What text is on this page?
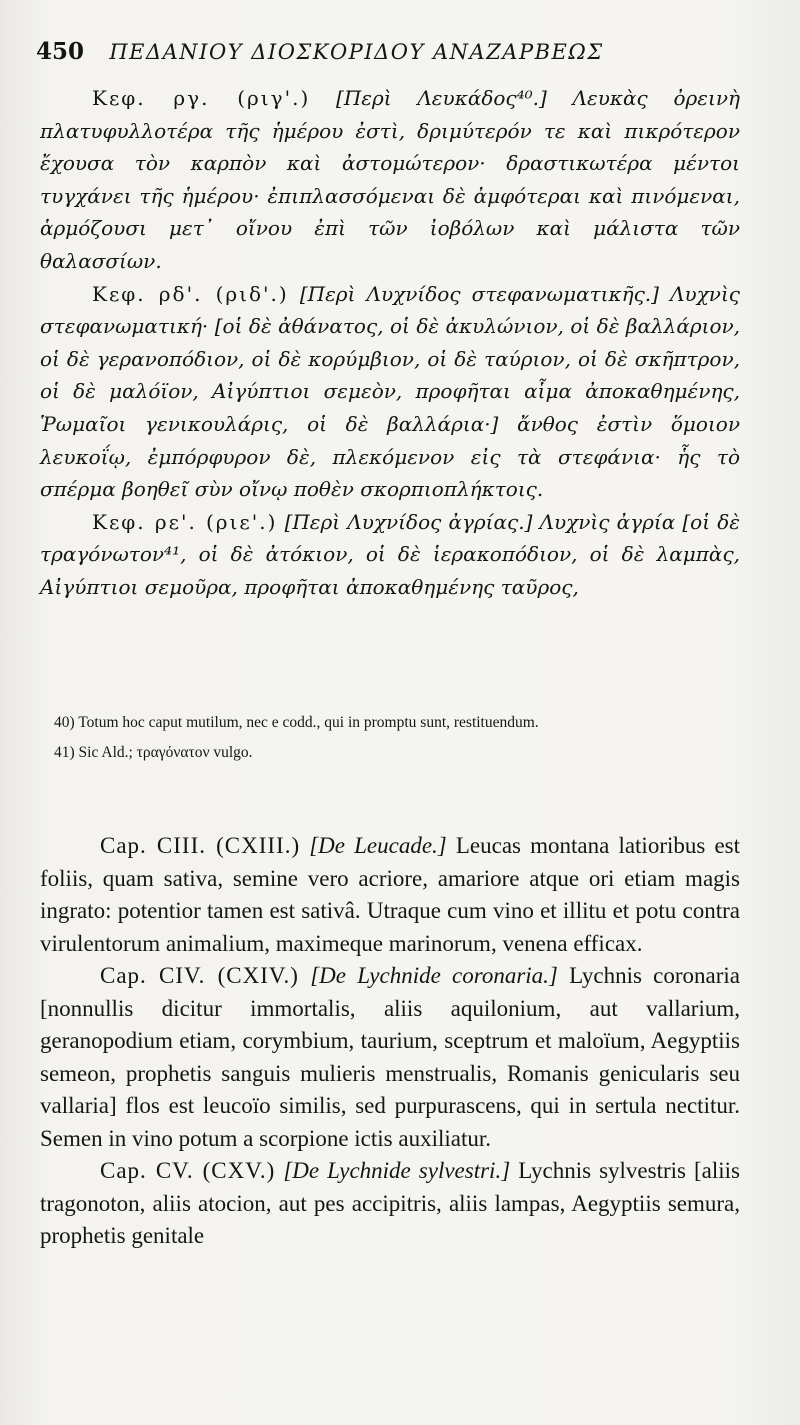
450 ΠΕΔΑΝΙΟΥ ΔΙΟΣΚΟΡΙΔΟΥ ΑΝΑΖΑΡΒΕΩΣ

Κεφ. ργ. (ριγ'.) [Περὶ Λευκάδος⁴⁰.] Λευκὰς ὀρεινὴ πλατυφυλλοτέρα τῆς ἡμέρου ἐστὶ, δριμύτερόν τε καὶ πικρότερον ἔχουσα τὸν καρπὸν καὶ ἀστομώτερον· δραστικωτέρα μέντοι τυγχάνει τῆς ἡμέρου· ἐπιπλασσόμεναι δὲ ἀμφότεραι καὶ πινόμεναι, ἁρμόζουσι μετ᾽ οἴνου ἐπὶ τῶν ἰοβόλων καὶ μάλιστα τῶν θαλασσίων.

Κεφ. ρδ'. (ριδ'.) [Περὶ Λυχνίδος στεφανωματικῆς.] Λυχνὶς στεφανωματική· [οἱ δὲ ἀθάνατος, οἱ δὲ ἀκυλώνιον, οἱ δὲ βαλλάριον, οἱ δὲ γερανοπόδιον, οἱ δὲ κορύμβιον, οἱ δὲ ταύριον, οἱ δὲ σκῆπτρον, οἱ δὲ μαλόϊον, Αἰγύπτιοι σεμεὸν, προφῆται αἷμα ἀποκαθημένης, Ῥωμαῖοι γενικουλάρις, οἱ δὲ βαλλάρια·] ἄνθος ἐστὶν ὅμοιον λευκοΐῳ, ἐμπόρφυρον δὲ, πλεκόμενον εἰς τὰ στεφάνια· ἧς τὸ σπέρμα βοηθεῖ σὺν οἴνῳ ποθὲν σκορπιοπλήκτοις.

Κεφ. ρε'. (ριε'.) [Περὶ Λυχνίδος ἀγρίας.] Λυχνὶς ἀγρία [οἱ δὲ τραγόνωτον⁴¹, οἱ δὲ ἀτόκιον, οἱ δὲ ἱερακοπόδιον, οἱ δὲ λαμπὰς, Αἰγύπτιοι σεμοῦρα, προφῆται ἀποκαθημένης ταῦρος,

40) Totum hoc caput mutilum, nec e codd., qui in promptu sunt, restituendum.

41) Sic Ald.; τραγόνατον vulgo.

Cap. CIII. (CXIII.) [De Leucade.] Leucas montana latioribus est foliis, quam sativa, semine vero acriore, amariore atque ori etiam magis ingrato: potentior tamen est sativâ. Utraque cum vino et illitu et potu contra virulentorum animalium, maximeque marinorum, venena efficax.

Cap. CIV. (CXIV.) [De Lychnide coronaria.] Lychnis coronaria [nonnullis dicitur immortalis, aliis aquilonium, aut vallarium, geranopodium etiam, corymbium, taurium, sceptrum et maloïum, Aegyptiis semeon, prophetis sanguis mulieris menstrualis, Romanis genicularis seu vallaria] flos est leucoïo similis, sed purpurascens, qui in sertula nectitur. Semen in vino potum a scorpione ictis auxiliatur.

Cap. CV. (CXV.) [De Lychnide sylvestri.] Lychnis sylvestris [aliis tragonoton, aliis atocion, aut pes accipitris, aliis lampas, Aegyptiis semura, prophetis genitale
